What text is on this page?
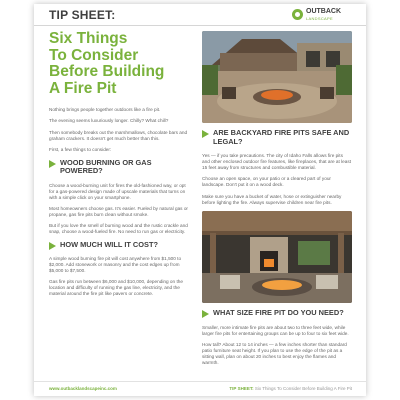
TIP SHEET:	OUTBACK
LANDSCAPE
Six Things
To Consider
Before Building
A Fire Pit

Nothing brings people together outdoors like a fire pit.

The evening seems luxuriously longer. Chilly? What chill?

Then somebody breaks out the marshmallows, chocolate bars and graham crackers. It doesn't get much better than this.

First, a few things to consider:

WOOD BURNING OR GAS POWERED?

Choose a wood-burning unit for fires the old-fashioned way, or opt for a gas-powered design made of upscale materials that turns on with a simple click on your smartphone.

Most homeowners choose gas. It's easier. Fueled by natural gas or propane, gas fire pits burn clean without smoke.

But if you love the smell of burning wood and the rustic crackle and snap, choose a wood-fueled fire. No need to run gas or electricity.

HOW MUCH WILL IT COST?

A simple wood burning fire pit will cost anywhere from $1,500 to $2,000. Add stonework or masonry and the cost edges up from $5,000 to $7,500.

Gas fire pits run between $6,000 and $10,000, depending on the location and difficulty of running the gas line, electricity, and the material around the fire pit like pavers or concrete.

ARE BACKYARD FIRE PITS SAFE AND LEGAL?

Yes — if you take precautions. The city of Idaho Falls allows fire pits and other enclosed outdoor fire features, like fireplaces, that are at least 15 feet away from structures and combustible material.

Choose an open space, on your patio or a cleared part of your landscape. Don't put it on a wood deck.

Make sure you have a bucket of water, hose or extinguisher nearby before lighting the fire. Always supervise children near fire pits.

WHAT SIZE FIRE PIT DO YOU NEED?

Smaller, more intimate fire pits are about two to three feet wide, while larger fire pits for entertaining groups can be up to four to six feet wide.

How tall? About 12 to 14 inches — a few inches shorter than standard patio furniture seat height. If you plan to use the edge of the pit as a sitting wall, plan on about 20 inches to best enjoy the flames and warmth.

www.outbacklandscapeinc.com	TIP SHEET: Six Things To Consider Before Building A Fire Pit
